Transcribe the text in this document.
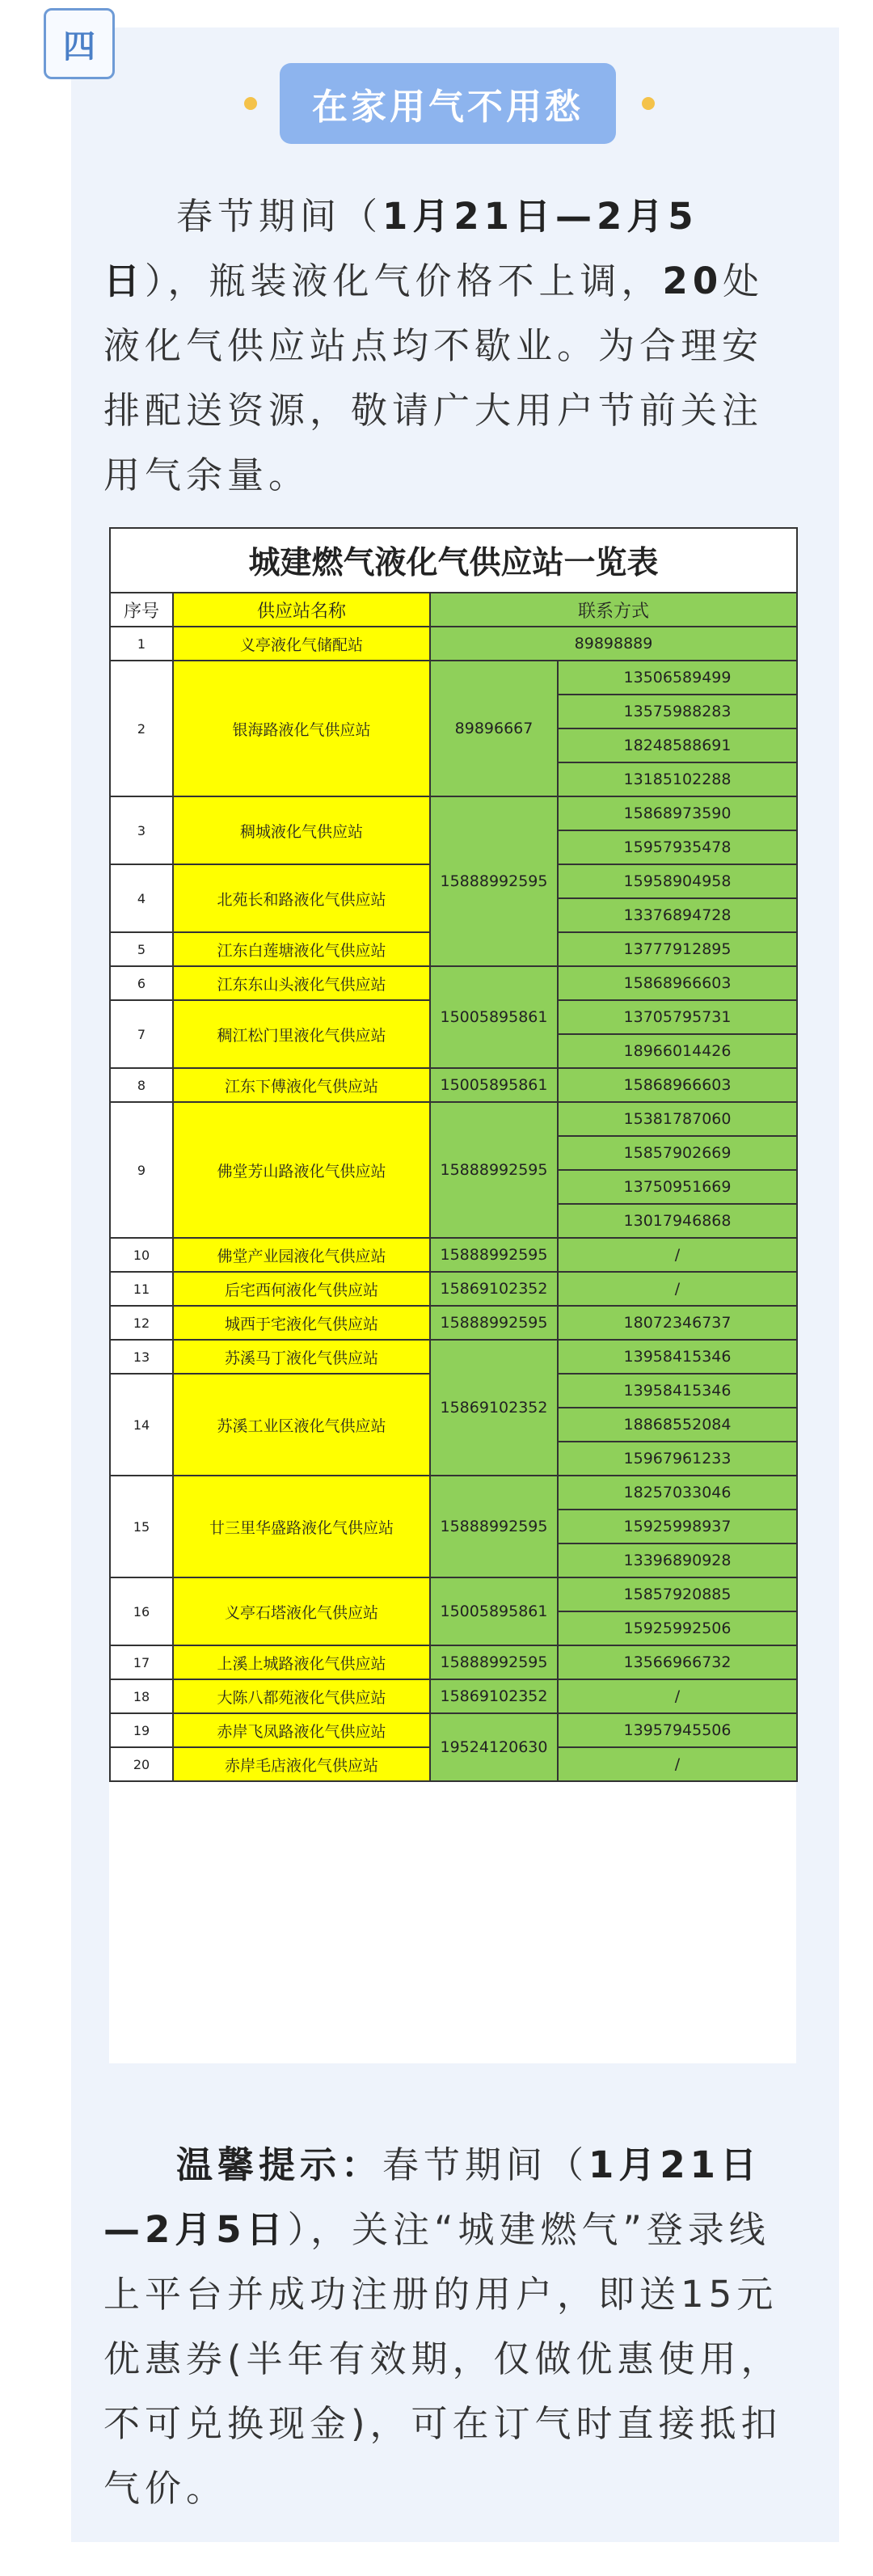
四
在家用气不用愁
春节期间（1月21日—2月5日），瓶装液化气价格不上调，20处液化气供应站点均不歇业。为合理安排配送资源，敬请广大用户节前关注用气余量。
城建燃气液化气供应站一览表			
序号	供应站名称	联系方式	
1	义亭液化气储配站	89898889	
2	银海路液化气供应站	89896667	13506589499
			13575988283
			18248588691
			13185102288
3	稠城液化气供应站	15888992595	15868973590
			15957935478
4	北苑长和路液化气供应站		15958904958
			13376894728
5	江东白莲塘液化气供应站		13777912895

6	江东东山头液化气供应站	15005895861	15868966603
7	稠江松门里液化气供应站		13705795731
			18966014426
8	江东下傅液化气供应站	15005895861	15868966603
9	佛堂芳山路液化气供应站	15888992595	15381787060
			15857902669
			13750951669
			13017946868
10	佛堂产业园液化气供应站	15888992595	/
11	后宅西何液化气供应站	15869102352	/

12	城西于宅液化气供应站	15888992595	18072346737

13	苏溪马丁液化气供应站	15869102352	13958415346
14	苏溪工业区液化气供应站		13958415346
			18868552084
			15967961233
15	廿三里华盛路液化气供应站	15888992595	18257033046
			15925998937
			13396890928
16	义亭石塔液化气供应站	15005895861	15857920885
			15925992506
17	上溪上城路液化气供应站	15888992595	13566966732

18	大陈八都苑液化气供应站	15869102352	/

19	赤岸飞凤路液化气供应站	19524120630	13957945506

20	赤岸毛店液化气供应站		/

温馨提示：春节期间（1月21日—2月5日），关注“城建燃气”登录线上平台并成功注册的用户，即送15元优惠券(半年有效期，仅做优惠使用，不可兑换现金)，可在订气时直接抵扣气价。
